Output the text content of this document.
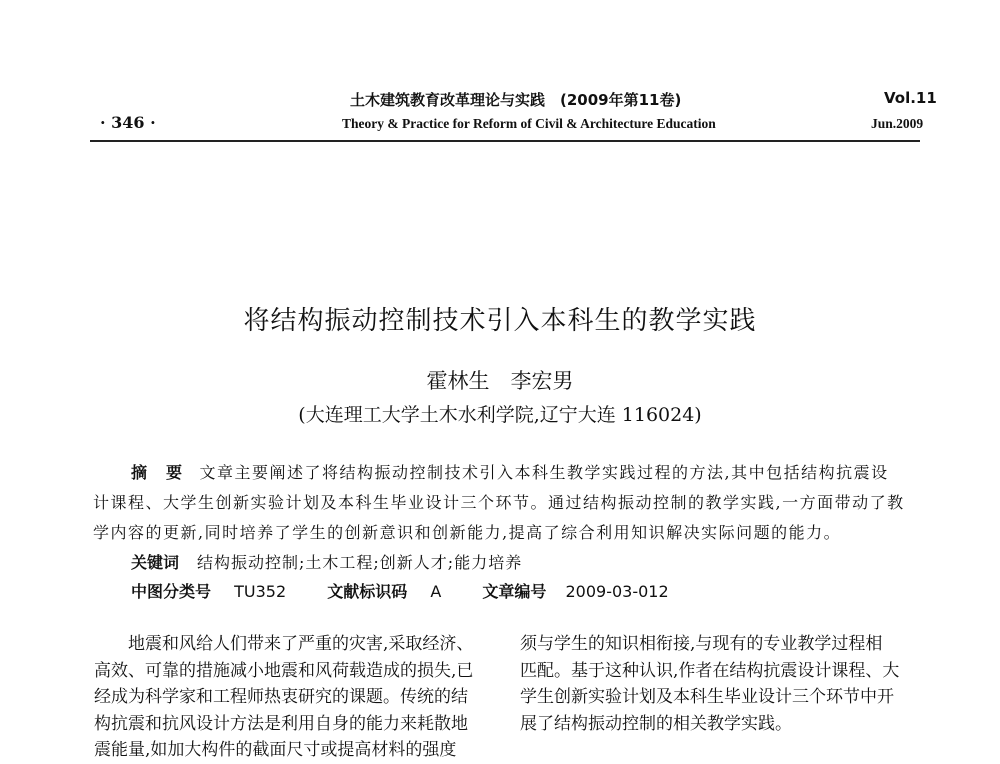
土木建筑教育改革理论与实践　(2009年第11卷)	Vol.11
· 346 ·	Theory & Practice for Reform of Civil & Architecture Education	Jun.2009
将结构振动控制技术引入本科生的教学实践
霍林生　李宏男
(大连理工大学土木水利学院,辽宁大连 116024)
摘　要 文章主要阐述了将结构振动控制技术引入本科生教学实践过程的方法,其中包括结构抗震设
计课程、大学生创新实验计划及本科生毕业设计三个环节。通过结构振动控制的教学实践,一方面带动了教
学内容的更新,同时培养了学生的创新意识和创新能力,提高了综合利用知识解决实际问题的能力。
关键词 结构振动控制;土木工程;创新人才;能力培养
中图分类号 TU352	文献标识码 A	文章编号 2009-03-012
　　地震和风给人们带来了严重的灾害,采取经济、
高效、可靠的措施减小地震和风荷载造成的损失,已
经成为科学家和工程师热衷研究的课题。传统的结
构抗震和抗风设计方法是利用自身的能力来耗散地
震能量,如加大构件的截面尺寸或提高材料的强度
须与学生的知识相衔接,与现有的专业教学过程相
匹配。基于这种认识,作者在结构抗震设计课程、大
学生创新实验计划及本科生毕业设计三个环节中开
展了结构振动控制的相关教学实践。
